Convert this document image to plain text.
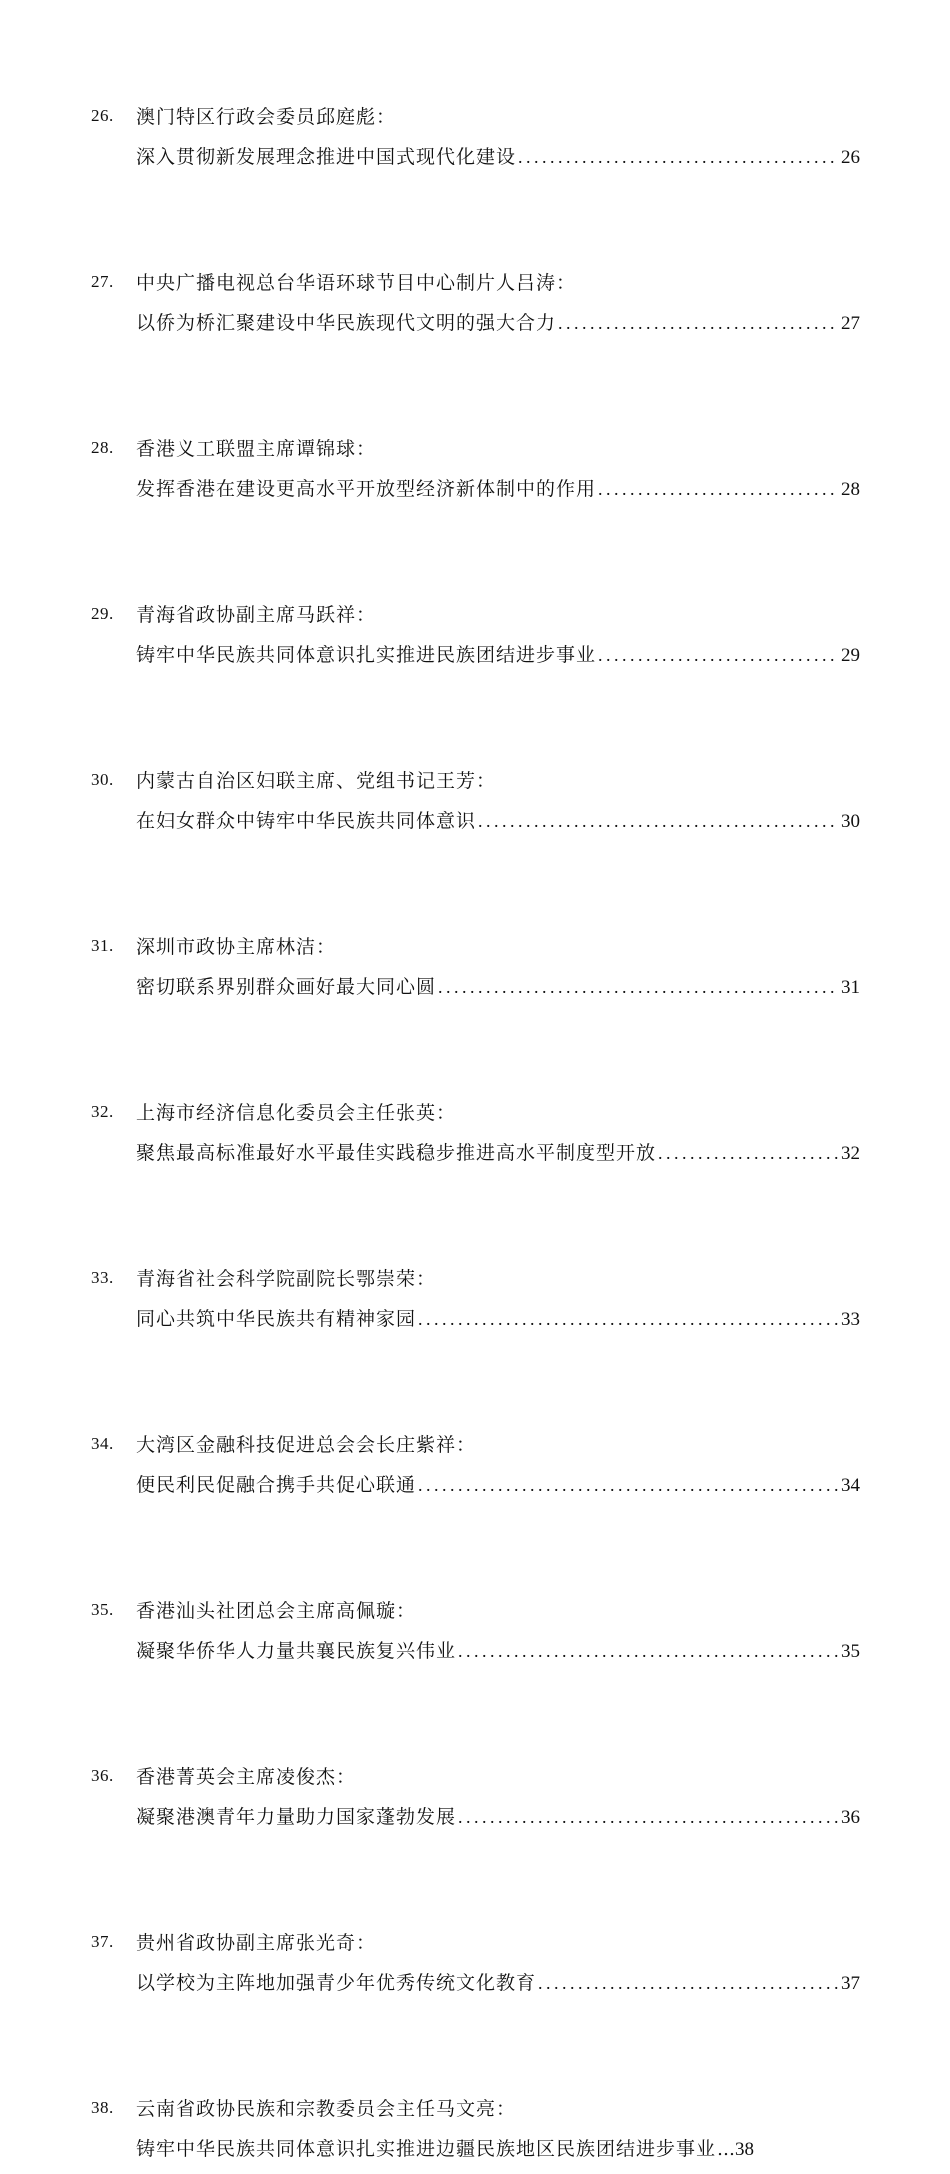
26. 澳门特区行政会委员邱庭彪：
深入贯彻新发展理念推进中国式现代化建设 . . .	26
27. 中央广播电视总台华语环球节目中心制片人吕涛：
以侨为桥汇聚建设中华民族现代文明的强大合力 . . .	27
28. 香港义工联盟主席谭锦球：
发挥香港在建设更高水平开放型经济新体制中的作用 . . .	28
29. 青海省政协副主席马跃祥：
铸牢中华民族共同体意识扎实推进民族团结进步事业 . . .	29
30. 内蒙古自治区妇联主席、党组书记王芳：
在妇女群众中铸牢中华民族共同体意识 . . .	30
31. 深圳市政协主席林洁：
密切联系界别群众画好最大同心圆 . . .	31
32. 上海市经济信息化委员会主任张英：
聚焦最高标准最好水平最佳实践稳步推进高水平制度型开放 . . .	32
33. 青海省社会科学院副院长鄂崇荣：
同心共筑中华民族共有精神家园 . . .	33
34. 大湾区金融科技促进总会会长庄紫祥：
便民利民促融合携手共促心联通 . . .	34
35. 香港汕头社团总会主席高佩璇：
凝聚华侨华人力量共襄民族复兴伟业 . . .	35
36. 香港菁英会主席凌俊杰：
凝聚港澳青年力量助力国家蓬勃发展 . . .	36
37. 贵州省政协副主席张光奇：
以学校为主阵地加强青少年优秀传统文化教育 . . .	37
38. 云南省政协民族和宗教委员会主任马文亮：
铸牢中华民族共同体意识扎实推进边疆民族地区民族团结进步事业 … 38
